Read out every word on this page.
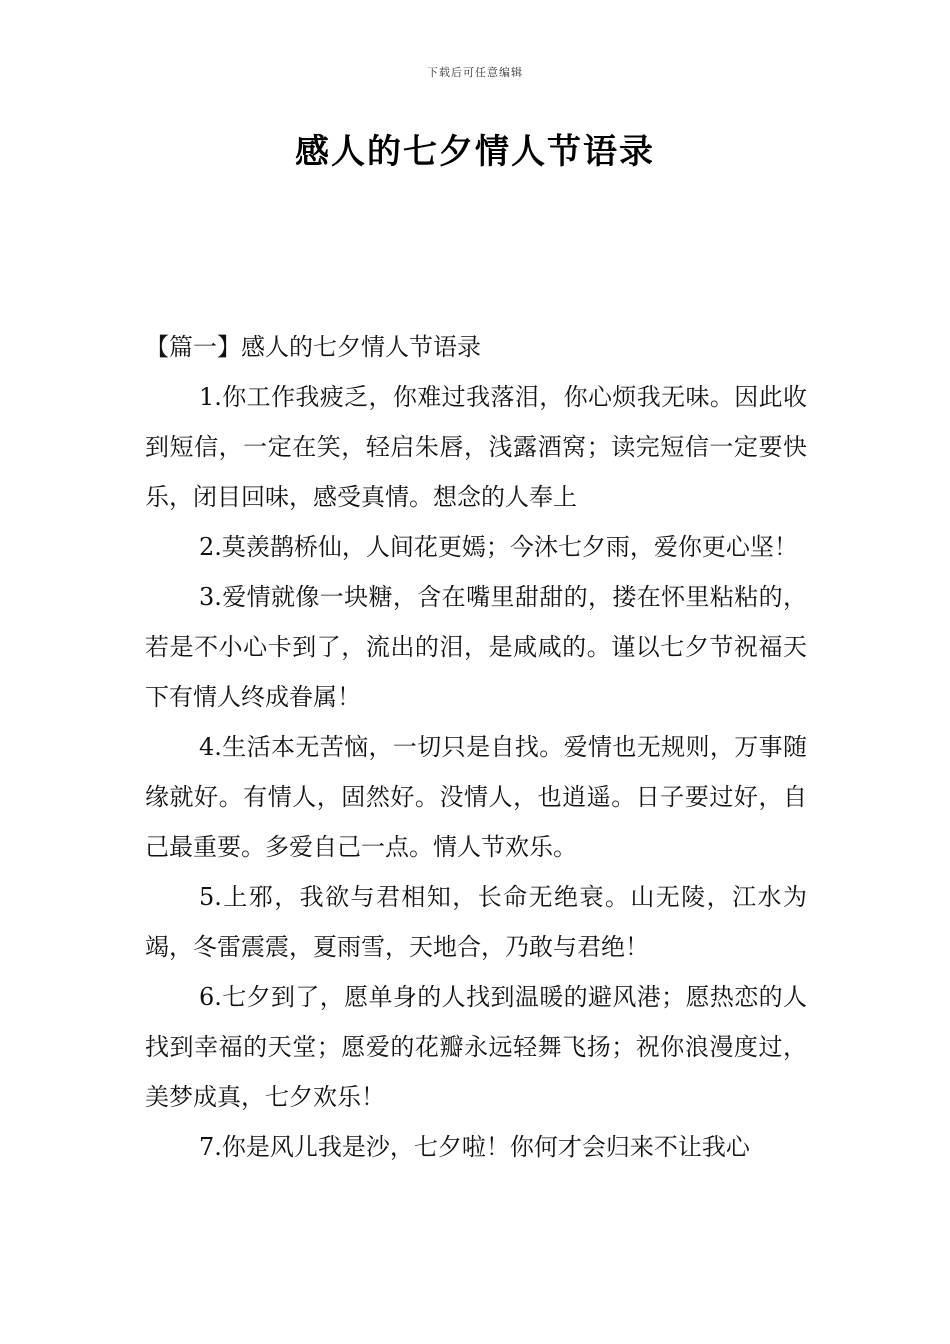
下载后可任意编辑
感人的七夕情人节语录

【篇一】感人的七夕情人节语录

1.你工作我疲乏，你难过我落泪，你心烦我无味。因此收到短信，一定在笑，轻启朱唇，浅露酒窝；读完短信一定要快乐，闭目回味，感受真情。想念的人奉上

2.莫羡鹊桥仙，人间花更嫣；今沐七夕雨，爱你更心坚！

3.爱情就像一块糖，含在嘴里甜甜的，搂在怀里粘粘的，若是不小心卡到了，流出的泪，是咸咸的。谨以七夕节祝福天下有情人终成眷属！

4.生活本无苦恼，一切只是自找。爱情也无规则，万事随缘就好。有情人，固然好。没情人，也逍遥。日子要过好，自己最重要。多爱自己一点。情人节欢乐。

5.上邪，我欲与君相知，长命无绝衰。山无陵，江水为竭，冬雷震震，夏雨雪，天地合，乃敢与君绝！

6.七夕到了，愿单身的人找到温暖的避风港；愿热恋的人找到幸福的天堂；愿爱的花瓣永远轻舞飞扬；祝你浪漫度过，美梦成真，七夕欢乐！

7.你是风儿我是沙，七夕啦！你何才会归来不让我心
